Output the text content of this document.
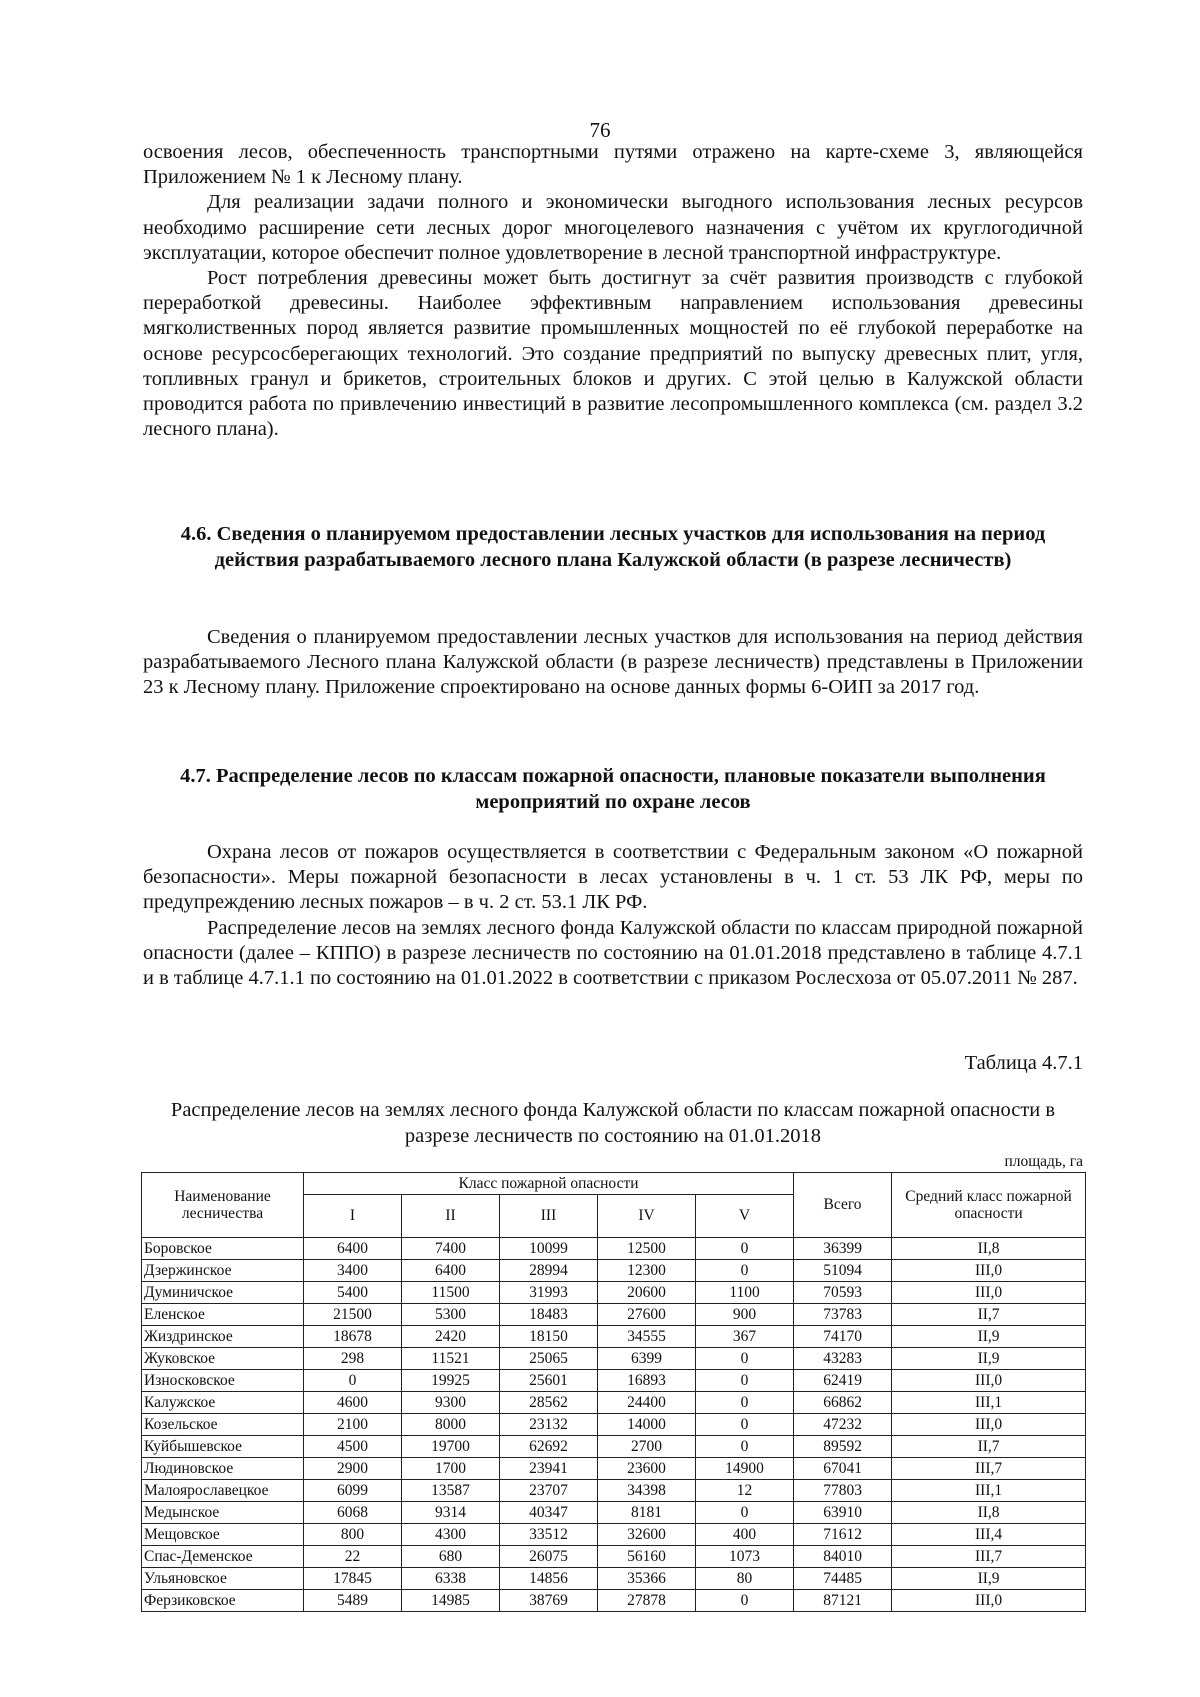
76

освоения лесов, обеспеченность транспортными путями отражено на карте-схеме 3, являющейся Приложением № 1 к Лесному плану.

Для реализации задачи полного и экономически выгодного использования лесных ресурсов необходимо расширение сети лесных дорог многоцелевого назначения с учётом их круглогодичной эксплуатации, которое обеспечит полное удовлетворение в лесной транспортной инфраструктуре.

Рост потребления древесины может быть достигнут за счёт развития производств с глубокой переработкой древесины. Наиболее эффективным направлением использования древесины мягколиственных пород является развитие промышленных мощностей по её глубокой переработке на основе ресурсосберегающих технологий. Это создание предприятий по выпуску древесных плит, угля, топливных гранул и брикетов, строительных блоков и других. С этой целью в Калужской области проводится работа по привлечению инвестиций в развитие лесопромышленного комплекса (см. раздел 3.2 лесного плана).

4.6. Сведения о планируемом предоставлении лесных участков для использования на период действия разрабатываемого лесного плана Калужской области (в разрезе лесничеств)

Сведения о планируемом предоставлении лесных участков для использования на период действия разрабатываемого Лесного плана Калужской области (в разрезе лесничеств) представлены в Приложении 23 к Лесному плану. Приложение спроектировано на основе данных формы 6-ОИП за 2017 год.

4.7. Распределение лесов по классам пожарной опасности, плановые показатели выполнения мероприятий по охране лесов

Охрана лесов от пожаров осуществляется в соответствии с Федеральным законом «О пожарной безопасности». Меры пожарной безопасности в лесах установлены в ч. 1 ст. 53 ЛК РФ, меры по предупреждению лесных пожаров – в ч. 2 ст. 53.1 ЛК РФ.

Распределение лесов на землях лесного фонда Калужской области по классам природной пожарной опасности (далее – КППО) в разрезе лесничеств по состоянию на 01.01.2018 представлено в таблице 4.7.1 и в таблице 4.7.1.1 по состоянию на 01.01.2022 в соответствии с приказом Рослесхоза от 05.07.2011 № 287.

Таблица 4.7.1
Распределение лесов на землях лесного фонда Калужской области по классам пожарной опасности в разрезе лесничеств по состоянию на 01.01.2018
площадь, га
Наименование лесничества	Класс пожарной опасности					Всего	Средний класс пожарной опасности
	I	II	III	IV	V		
Боровское	6400	7400	10099	12500	0	36399	II,8
Дзержинское	3400	6400	28994	12300	0	51094	III,0
Думиничское	5400	11500	31993	20600	1100	70593	III,0
Еленское	21500	5300	18483	27600	900	73783	II,7
Жиздринское	18678	2420	18150	34555	367	74170	II,9
Жуковское	298	11521	25065	6399	0	43283	II,9
Износковское	0	19925	25601	16893	0	62419	III,0
Калужское	4600	9300	28562	24400	0	66862	III,1
Козельское	2100	8000	23132	14000	0	47232	III,0
Куйбышевское	4500	19700	62692	2700	0	89592	II,7
Людиновское	2900	1700	23941	23600	14900	67041	III,7
Малоярославецкое	6099	13587	23707	34398	12	77803	III,1
Медынское	6068	9314	40347	8181	0	63910	II,8
Мещовское	800	4300	33512	32600	400	71612	III,4
Спас-Деменское	22	680	26075	56160	1073	84010	III,7
Ульяновское	17845	6338	14856	35366	80	74485	II,9
Ферзиковское	5489	14985	38769	27878	0	87121	III,0
